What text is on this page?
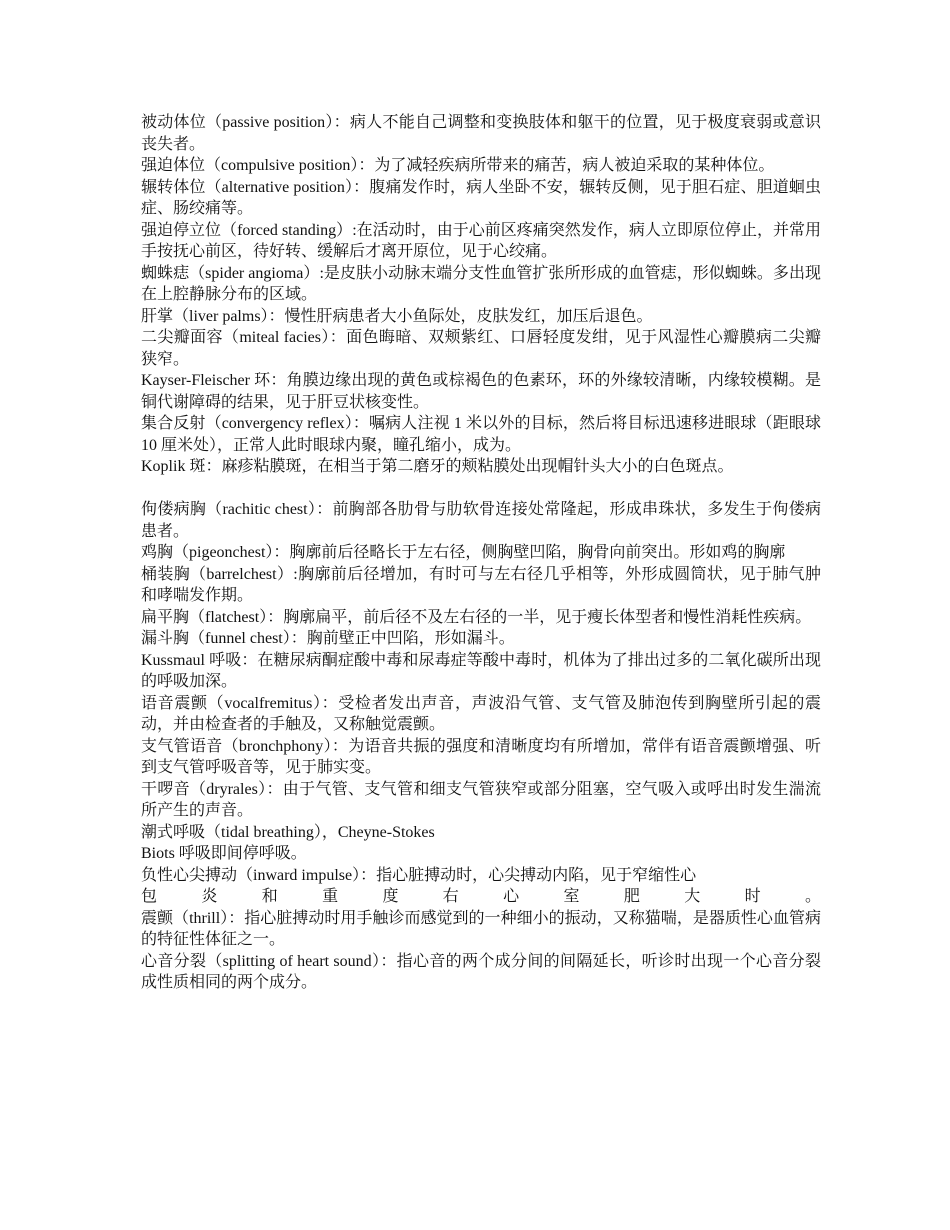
被动体位（passive position）：病人不能自己调整和变换肢体和躯干的位置，见于极度衰弱或意识丧失者。

强迫体位（compulsive position）：为了减轻疾病所带来的痛苦，病人被迫采取的某种体位。

辗转体位（alternative position）：腹痛发作时，病人坐卧不安，辗转反侧，见于胆石症、胆道蛔虫症、肠绞痛等。

强迫停立位（forced standing）:在活动时，由于心前区疼痛突然发作，病人立即原位停止，并常用手按抚心前区，待好转、缓解后才离开原位，见于心绞痛。

蜘蛛痣（spider angioma）:是皮肤小动脉末端分支性血管扩张所形成的血管痣，形似蜘蛛。多出现在上腔静脉分布的区域。

肝掌（liver palms）：慢性肝病患者大小鱼际处，皮肤发红，加压后退色。

二尖瓣面容（miteal facies）：面色晦暗、双颊紫红、口唇轻度发绀，见于风湿性心瓣膜病二尖瓣狭窄。

Kayser-Fleischer 环：角膜边缘出现的黄色或棕褐色的色素环，环的外缘较清晰，内缘较模糊。是铜代谢障碍的结果，见于肝豆状核变性。

集合反射（convergency reflex）：嘱病人注视 1 米以外的目标，然后将目标迅速移进眼球（距眼球 10 厘米处），正常人此时眼球内聚，瞳孔缩小，成为。

Koplik 斑：麻疹粘膜斑，在相当于第二磨牙的颊粘膜处出现帽针头大小的白色斑点。

佝偻病胸（rachitic chest）：前胸部各肋骨与肋软骨连接处常隆起，形成串珠状，多发生于佝偻病患者。

鸡胸（pigeonchest）：胸廓前后径略长于左右径，侧胸壁凹陷，胸骨向前突出。形如鸡的胸廓

桶装胸（barrelchest）:胸廓前后径增加，有时可与左右径几乎相等，外形成圆筒状，见于肺气肿和哮喘发作期。

扁平胸（flatchest）：胸廓扁平，前后径不及左右径的一半，见于瘦长体型者和慢性消耗性疾病。

漏斗胸（funnel chest）：胸前壁正中凹陷，形如漏斗。

Kussmaul 呼吸：在糖尿病酮症酸中毒和尿毒症等酸中毒时，机体为了排出过多的二氧化碳所出现的呼吸加深。

语音震颤（vocalfremitus）：受检者发出声音，声波沿气管、支气管及肺泡传到胸壁所引起的震动，并由检查者的手触及，又称触觉震颤。

支气管语音（bronchphony）：为语音共振的强度和清晰度均有所增加，常伴有语音震颤增强、听到支气管呼吸音等，见于肺实变。

干啰音（dryrales）：由于气管、支气管和细支气管狭窄或部分阻塞，空气吸入或呼出时发生湍流所产生的声音。

潮式呼吸（tidal breathing），Cheyne-Stokes

Biots 呼吸即间停呼吸。

负性心尖搏动（inward impulse）：指心脏搏动时，心尖搏动内陷，见于窄缩性心

包	炎	和	重	度	右	心	室	肥	大	时	。

震颤（thrill）：指心脏搏动时用手触诊而感觉到的一种细小的振动，又称猫喘，是器质性心血管病的特征性体征之一。

心音分裂（splitting of heart sound）：指心音的两个成分间的间隔延长，听诊时出现一个心音分裂成性质相同的两个成分。
